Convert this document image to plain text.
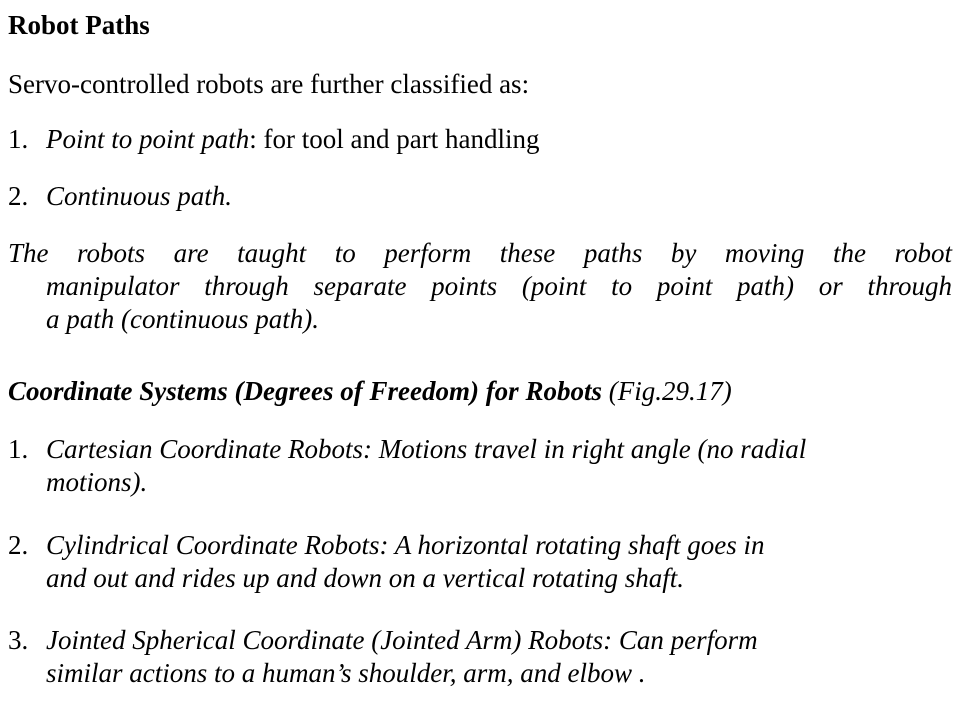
Robot Paths
Servo-controlled robots are further classified as:
1. Point to point path: for tool and part handling
2. Continuous path.
The robots are taught to perform these paths by moving the robot
manipulator through separate points (point to point path) or through
a path (continuous path).
Coordinate Systems (Degrees of Freedom) for Robots (Fig.29.17)
1. Cartesian Coordinate Robots: Motions travel in right angle (no radial
motions).
2. Cylindrical Coordinate Robots: A horizontal rotating shaft goes in
and out and rides up and down on a vertical rotating shaft.
3. Jointed Spherical Coordinate (Jointed Arm) Robots: Can perform
similar actions to a human’s shoulder, arm, and elbow .
